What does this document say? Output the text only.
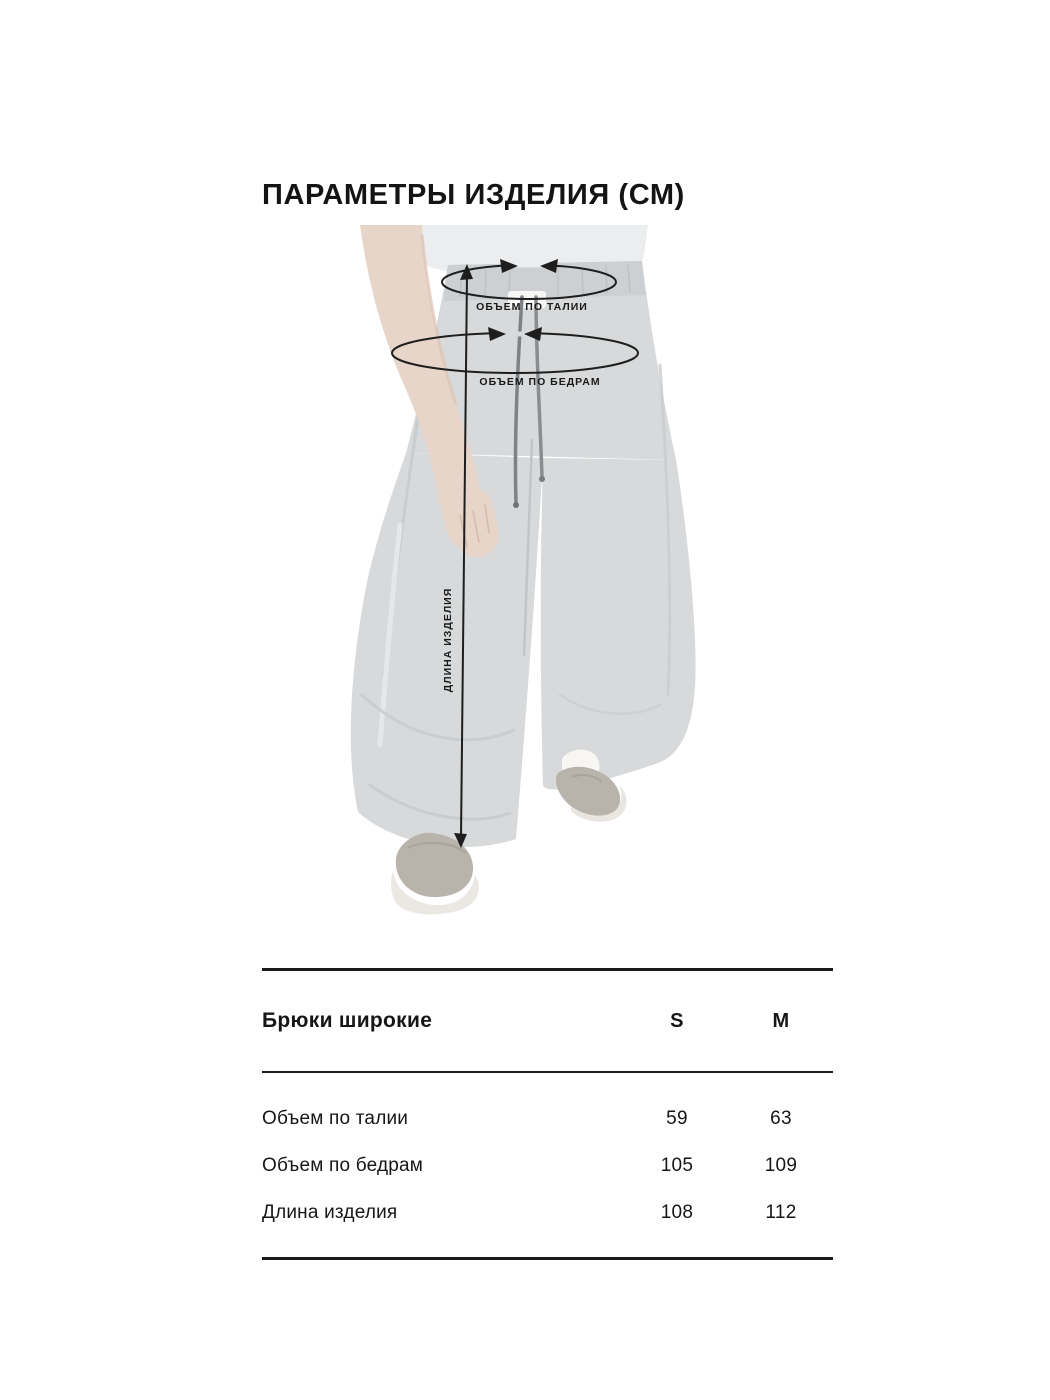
ПАРАМЕТРЫ ИЗДЕЛИЯ (СМ)
ОБЪЕМ ПО ТАЛИИ
ОБЪЕМ ПО БЕДРАМ
ДЛИНА ИЗДЕЛИЯ
Брюки широкие	S	M
Объем по талии	59	63
Объем по бедрам	105	109
Длина изделия	108	112
